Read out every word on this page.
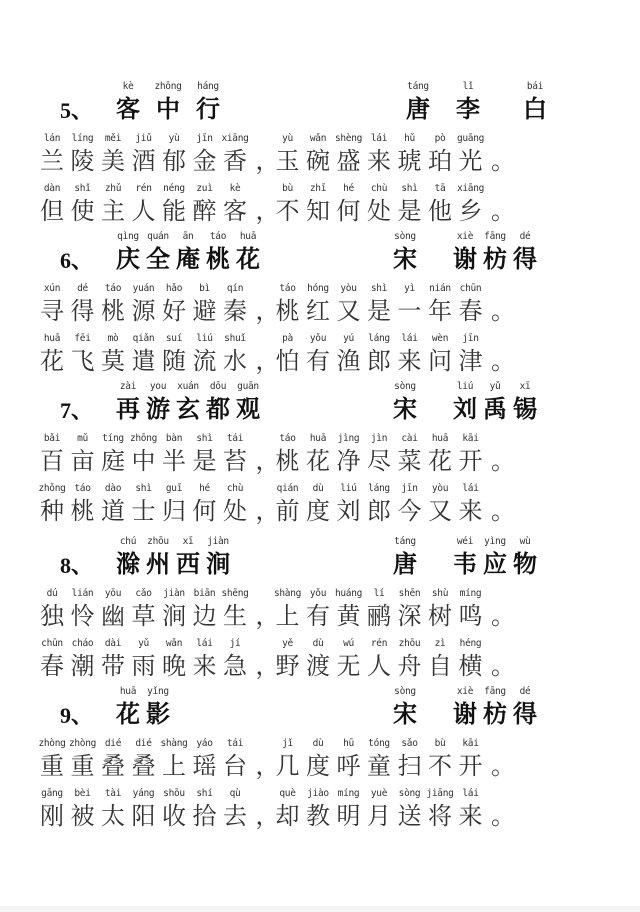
5、
kè
客
zhōng
中
háng
行
táng
唐
lǐ
李
bái
白
lán
兰
líng
陵
měi
美
jiǔ
酒
yù
郁
jīn
金
xiāng
香 ，
yù
玉
wǎn
碗
shèng
盛
lái
来
hǔ
琥
pò
珀
guāng
光 。
dàn
但
shǐ
使
zhǔ
主
rén
人
néng
能
zuì
醉
kè
客 ，
bù
不
zhī
知
hé
何
chù
处
shì
是
tā
他
xiāng
乡 。
6、
qìng
庆
quán
全
ān
庵
táo
桃
huā
花
sòng
宋
xiè
谢
fāng
枋
dé
得
xún
寻
dé
得
táo
桃
yuán
源
hǎo
好
bì
避
qín
秦 ，
táo
桃
hóng
红
yòu
又
shì
是
yì
一
nián
年
chūn
春 。
huā
花
fēi
飞
mò
莫
qiǎn
遣
suí
随
liú
流
shuǐ
水 ，
pà
怕
yǒu
有
yú
渔
láng
郎
lái
来
wèn
问
jīn
津 。
7、
zài
再
you
游
xuán
玄
dōu
都
guān
观
sòng
宋
liú
刘
yǔ
禹
xī
锡
bǎi
百
mǔ
亩
tíng
庭
zhōng
中
bàn
半
shì
是
tái
苔 ，
táo
桃
huā
花
jìng
净
jìn
尽
cài
菜
huā
花
kāi
开 。
zhǒng
种
táo
桃
dào
道
shì
士
guī
归
hé
何
chù
处 ，
qián
前
dù
度
liú
刘
láng
郎
jīn
今
yòu
又
lái
来 。
8、
chú
滁
zhōu
州
xī
西
jiàn
涧
táng
唐
wéi
韦
yìng
应
wù
物
dú
独
lián
怜
yōu
幽
cǎo
草
jiàn
涧
biān
边
shēng
生 ，
shàng
上
yǒu
有
huáng
黄
lí
鹂
shēn
深
shù
树
míng
鸣 。
chūn
春
cháo
潮
dài
带
yǔ
雨
wǎn
晚
lái
来
jí
急 ，
yě
野
dù
渡
wú
无
rén
人
zhōu
舟
zì
自
héng
横 。
9、
huā
花
yǐng
影
sòng
宋
xiè
谢
fāng
枋
dé
得
zhòng
重
zhòng
重
dié
叠
dié
叠
shàng
上
yáo
瑶
tái
台 ，
jǐ
几
dù
度
hū
呼
tóng
童
sǎo
扫
bù
不
kāi
开 。
gāng
刚
bèi
被
tài
太
yáng
阳
shōu
收
shí
拾
qù
去 ，
què
却
jiào
教
míng
明
yuè
月
sòng
送
jiāng
将
lái
来 。
